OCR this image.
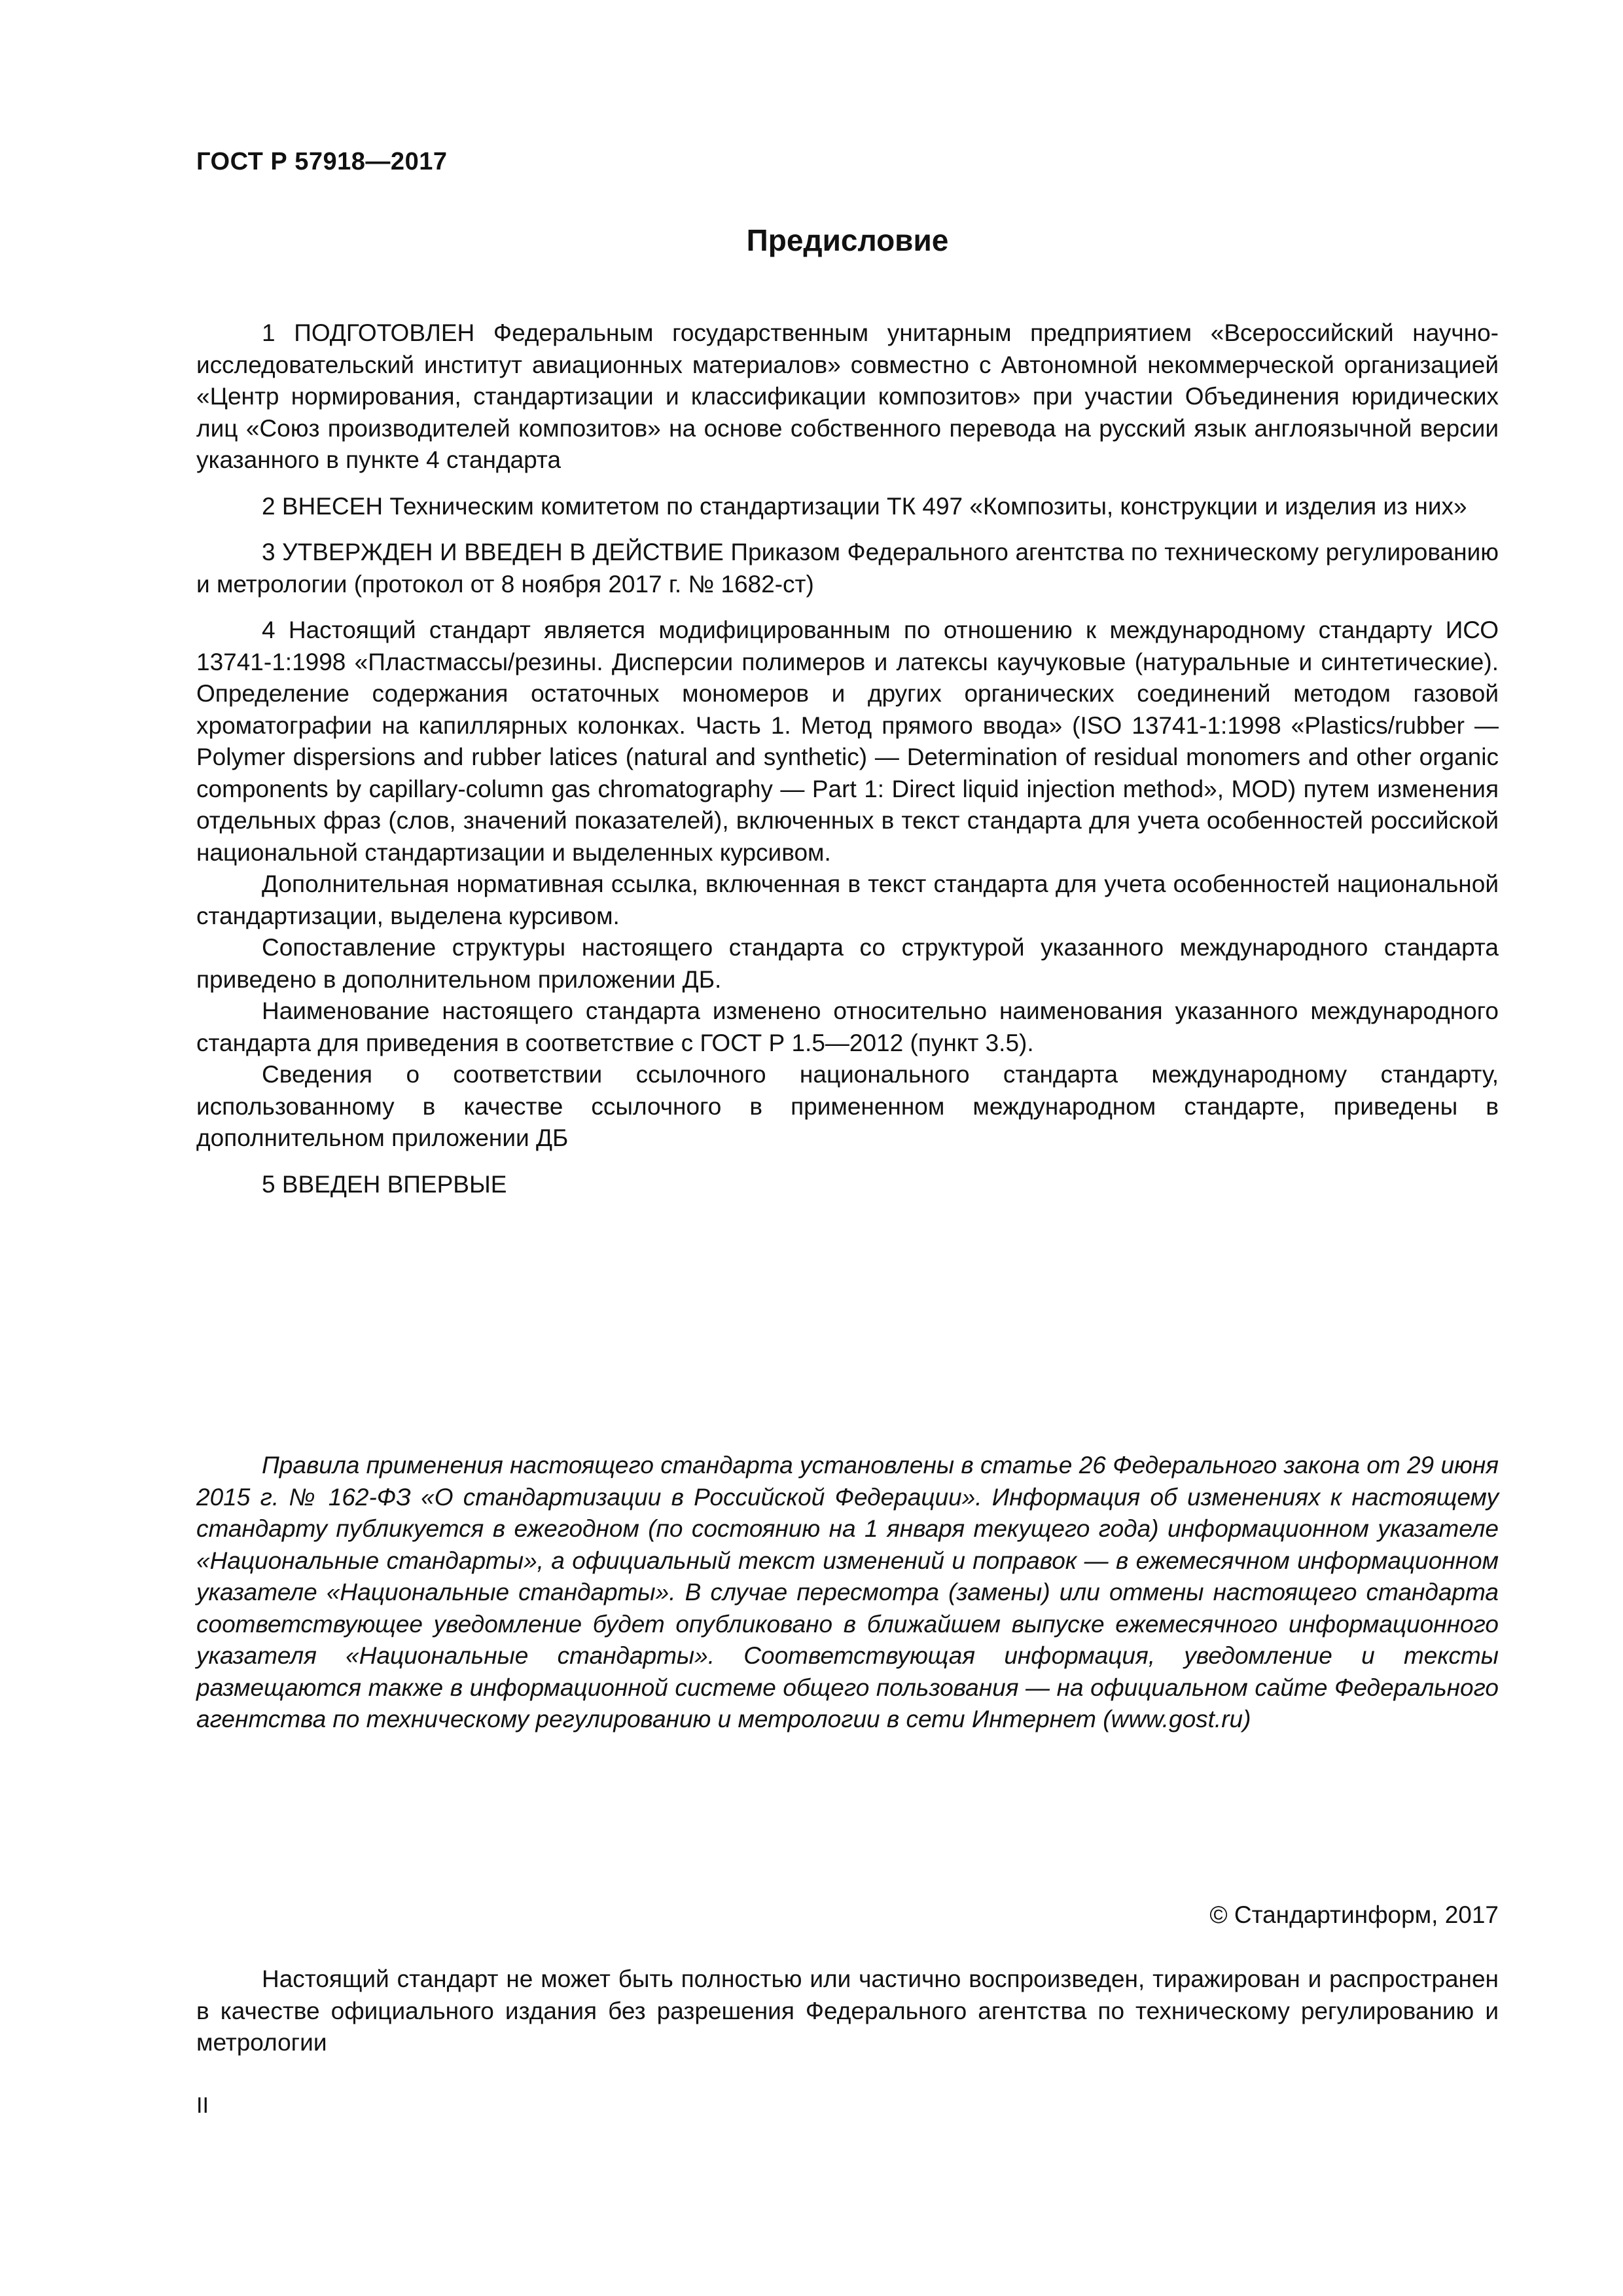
ГОСТ Р 57918—2017
Предисловие

1 ПОДГОТОВЛЕН Федеральным государственным унитарным предприятием «Всероссийский научно-исследовательский институт авиационных материалов» совместно с Автономной некоммерческой организацией «Центр нормирования, стандартизации и классификации композитов» при участии Объединения юридических лиц «Союз производителей композитов» на основе собственного перевода на русский язык англоязычной версии указанного в пункте 4 стандарта

2 ВНЕСЕН Техническим комитетом по стандартизации ТК 497 «Композиты, конструкции и изделия из них»

3 УТВЕРЖДЕН И ВВЕДЕН В ДЕЙСТВИЕ Приказом Федерального агентства по техническому регулированию и метрологии (протокол от 8 ноября 2017 г. № 1682-ст)

4 Настоящий стандарт является модифицированным по отношению к международному стандарту ИСО 13741-1:1998 «Пластмассы/резины. Дисперсии полимеров и латексы каучуковые (натуральные и синтетические). Определение содержания остаточных мономеров и других органических соединений методом газовой хроматографии на капиллярных колонках. Часть 1. Метод прямого ввода» (ISO 13741-1:1998 «Plastics/rubber — Polymer dispersions and rubber latices (natural and synthetic) — Determination of residual monomers and other organic components by capillary-column gas chromatography — Part 1: Direct liquid injection method», MOD) путем изменения отдельных фраз (слов, значений показателей), включенных в текст стандарта для учета особенностей российской национальной стандартизации и выделенных курсивом.

Дополнительная нормативная ссылка, включенная в текст стандарта для учета особенностей национальной стандартизации, выделена курсивом.

Сопоставление структуры настоящего стандарта со структурой указанного международного стандарта приведено в дополнительном приложении ДБ.

Наименование настоящего стандарта изменено относительно наименования указанного международного стандарта для приведения в соответствие с ГОСТ Р 1.5—2012 (пункт 3.5).

Сведения о соответствии ссылочного национального стандарта международному стандарту, использованному в качестве ссылочного в примененном международном стандарте, приведены в дополнительном приложении ДБ

5 ВВЕДЕН ВПЕРВЫЕ

Правила применения настоящего стандарта установлены в статье 26 Федерального закона от 29 июня 2015 г. № 162-ФЗ «О стандартизации в Российской Федерации». Информация об изменениях к настоящему стандарту публикуется в ежегодном (по состоянию на 1 января текущего года) информационном указателе «Национальные стандарты», а официальный текст изменений и поправок — в ежемесячном информационном указателе «Национальные стандарты». В случае пересмотра (замены) или отмены настоящего стандарта соответствующее уведомление будет опубликовано в ближайшем выпуске ежемесячного информационного указателя «Национальные стандарты». Соответствующая информация, уведомление и тексты размещаются также в информационной системе общего пользования — на официальном сайте Федерального агентства по техническому регулированию и метрологии в сети Интернет (www.gost.ru)

© Стандартинформ, 2017

Настоящий стандарт не может быть полностью или частично воспроизведен, тиражирован и распространен в качестве официального издания без разрешения Федерального агентства по техническому регулированию и метрологии

II
